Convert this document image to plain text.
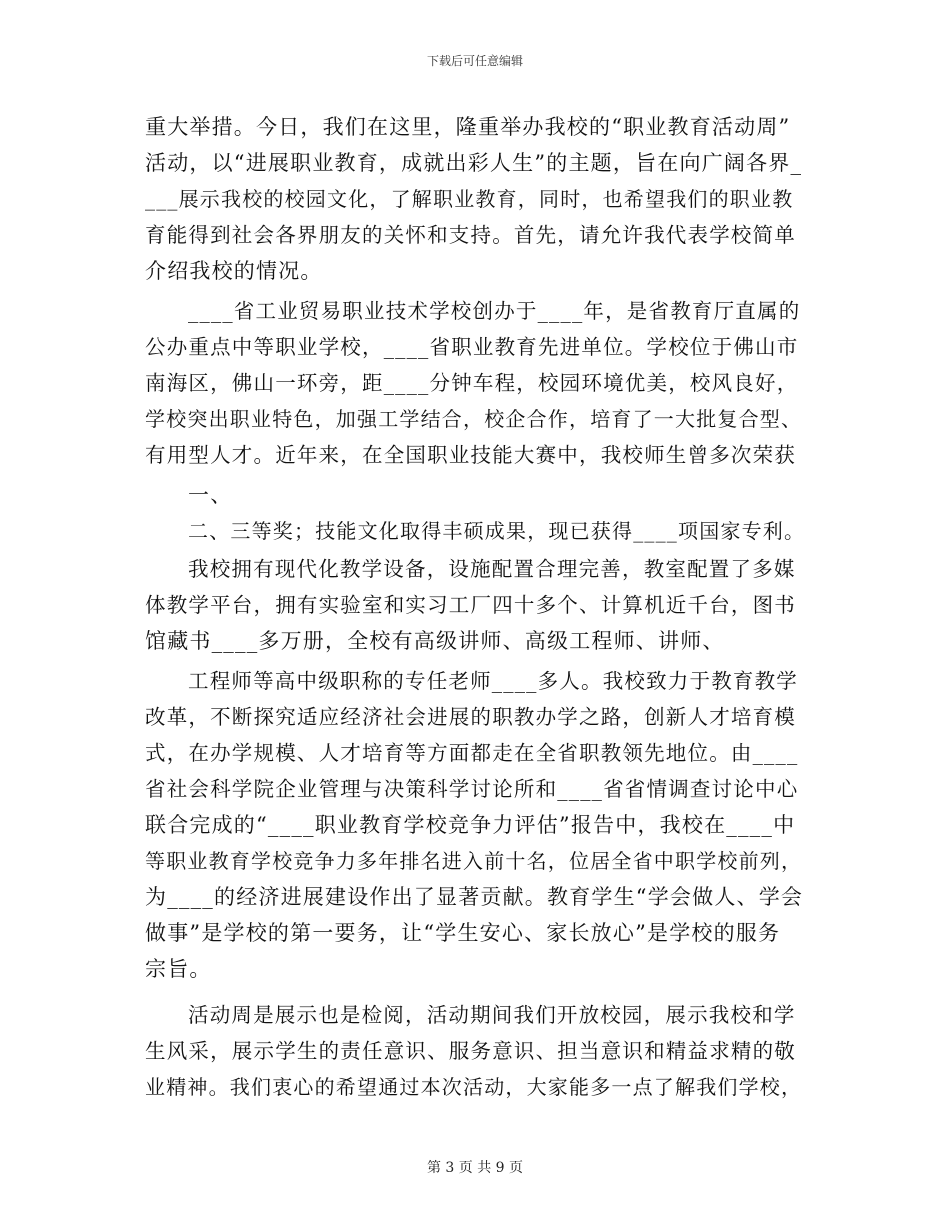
下载后可任意编辑
重大举措。今日，我们在这里，隆重举办我校的“职业教育活动周”
活动，以“进展职业教育，成就出彩人生”的主题，旨在向广阔各界_
___展示我校的校园文化，了解职业教育，同时，也希望我们的职业教
育能得到社会各界朋友的关怀和支持。首先，请允许我代表学校简单
介绍我校的情况。
____省工业贸易职业技术学校创办于____年，是省教育厅直属的
公办重点中等职业学校，____省职业教育先进单位。学校位于佛山市
南海区，佛山一环旁，距____分钟车程，校园环境优美，校风良好，
学校突出职业特色，加强工学结合，校企合作，培育了一大批复合型、
有用型人才。近年来，在全国职业技能大赛中，我校师生曾多次荣获
一、
二、三等奖；技能文化取得丰硕成果，现已获得____项国家专利。
我校拥有现代化教学设备，设施配置合理完善，教室配置了多媒
体教学平台，拥有实验室和实习工厂四十多个、计算机近千台，图书
馆藏书____多万册，全校有高级讲师、高级工程师、讲师、
工程师等高中级职称的专任老师____多人。我校致力于教育教学
改革，不断探究适应经济社会进展的职教办学之路，创新人才培育模
式，在办学规模、人才培育等方面都走在全省职教领先地位。由____
省社会科学院企业管理与决策科学讨论所和____省省情调查讨论中心
联合完成的“____职业教育学校竞争力评估”报告中，我校在____中
等职业教育学校竞争力多年排名进入前十名，位居全省中职学校前列，
为____的经济进展建设作出了显著贡献。教育学生“学会做人、学会
做事”是学校的第一要务，让“学生安心、家长放心”是学校的服务
宗旨。
活动周是展示也是检阅，活动期间我们开放校园，展示我校和学
生风采，展示学生的责任意识、服务意识、担当意识和精益求精的敬
业精神。我们衷心的希望通过本次活动，大家能多一点了解我们学校，
第 3 页 共 9 页
